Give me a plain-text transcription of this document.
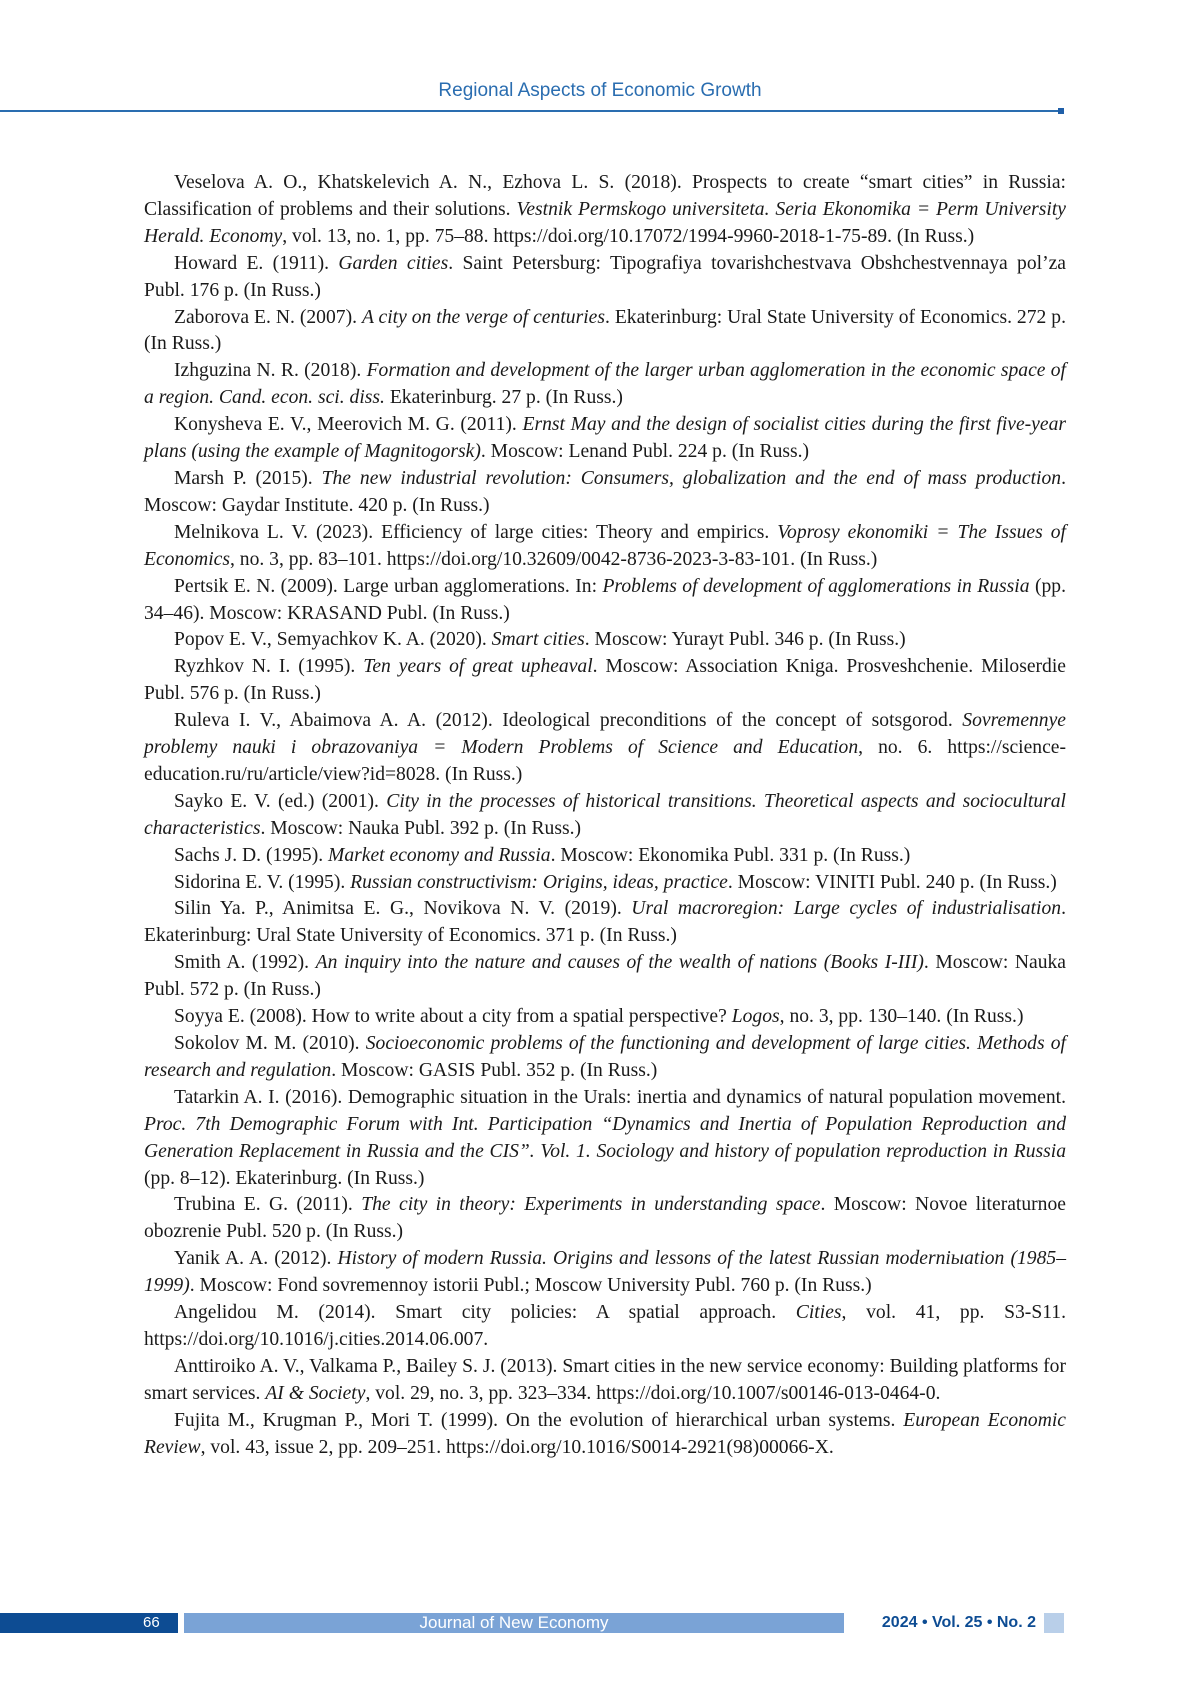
Regional Aspects of Economic Growth

Veselova A. O., Khatskelevich A. N., Ezhova L. S. (2018). Prospects to create “smart cities” in Russia: Classification of problems and their solutions. Vestnik Permskogo universiteta. Seria Ekonomika = Perm University Herald. Economy, vol. 13, no. 1, pp. 75–88. https://doi.org/10.17072/1994-9960-2018-1-75-89. (In Russ.)

Howard E. (1911). Garden cities. Saint Petersburg: Tipografiya tovarishchestvava Obshchestvennaya pol’za Publ. 176 p. (In Russ.)

Zaborova E. N. (2007). A city on the verge of centuries. Ekaterinburg: Ural State University of Economics. 272 p. (In Russ.)

Izhguzina N. R. (2018). Formation and development of the larger urban agglomeration in the economic space of a region. Cand. econ. sci. diss. Ekaterinburg. 27 p. (In Russ.)

Konysheva E. V., Meerovich M. G. (2011). Ernst May and the design of socialist cities during the first five-year plans (using the example of Magnitogorsk). Moscow: Lenand Publ. 224 p. (In Russ.)

Marsh P. (2015). The new industrial revolution: Consumers, globalization and the end of mass production. Moscow: Gaydar Institute. 420 p. (In Russ.)

Melnikova L. V. (2023). Efficiency of large cities: Theory and empirics. Voprosy ekonomiki = The Issues of Economics, no. 3, pp. 83–101. https://doi.org/10.32609/0042-8736-2023-3-83-101. (In Russ.)

Pertsik E. N. (2009). Large urban agglomerations. In: Problems of development of agglomerations in Russia (pp. 34–46). Moscow: KRASAND Publ. (In Russ.)

Popov E. V., Semyachkov K. A. (2020). Smart cities. Moscow: Yurayt Publ. 346 p. (In Russ.)

Ryzhkov N. I. (1995). Ten years of great upheaval. Moscow: Association Kniga. Prosveshchenie. Miloserdie Publ. 576 p. (In Russ.)

Ruleva I. V., Abaimova A. A. (2012). Ideological preconditions of the concept of sotsgorod. Sovremennye problemy nauki i obrazovaniya = Modern Problems of Science and Education, no. 6. https://science-education.ru/ru/article/view?id=8028. (In Russ.)

Sayko E. V. (ed.) (2001). City in the processes of historical transitions. Theoretical aspects and sociocultural characteristics. Moscow: Nauka Publ. 392 p. (In Russ.)

Sachs J. D. (1995). Market economy and Russia. Moscow: Ekonomika Publ. 331 p. (In Russ.)

Sidorina E. V. (1995). Russian constructivism: Origins, ideas, practice. Moscow: VINITI Publ. 240 p. (In Russ.)

Silin Ya. P., Animitsa E. G., Novikova N. V. (2019). Ural macroregion: Large cycles of industrialisation. Ekaterinburg: Ural State University of Economics. 371 p. (In Russ.)

Smith A. (1992). An inquiry into the nature and causes of the wealth of nations (Books I-III). Moscow: Nauka Publ. 572 p. (In Russ.)

Soyya E. (2008). How to write about a city from a spatial perspective? Logos, no. 3, pp. 130–140. (In Russ.)

Sokolov M. M. (2010). Socioeconomic problems of the functioning and development of large cities. Methods of research and regulation. Moscow: GASIS Publ. 352 p. (In Russ.)

Tatarkin A. I. (2016). Demographic situation in the Urals: inertia and dynamics of natural population movement. Proc. 7th Demographic Forum with Int. Participation “Dynamics and Inertia of Population Reproduction and Generation Replacement in Russia and the CIS”. Vol. 1. Sociology and history of population reproduction in Russia (pp. 8–12). Ekaterinburg. (In Russ.)

Trubina E. G. (2011). The city in theory: Experiments in understanding space. Moscow: Novoe literaturnoe obozrenie Publ. 520 p. (In Russ.)

Yanik A. A. (2012). History of modern Russia. Origins and lessons of the latest Russian moderniыation (1985–1999). Moscow: Fond sovremennoy istorii Publ.; Moscow University Publ. 760 p. (In Russ.)

Angelidou M. (2014). Smart city policies: A spatial approach. Cities, vol. 41, pp. S3-S11. https://doi.org/10.1016/j.cities.2014.06.007.

Anttiroiko A. V., Valkama P., Bailey S. J. (2013). Smart cities in the new service economy: Building platforms for smart services. AI & Society, vol. 29, no. 3, pp. 323–334. https://doi.org/10.1007/s00146-013-0464-0.

Fujita M., Krugman P., Mori T. (1999). On the evolution of hierarchical urban systems. European Economic Review, vol. 43, issue 2, pp. 209–251. https://doi.org/10.1016/S0014-2921(98)00066-X.

66	Journal of New Economy	2024 • Vol. 25 • No. 2
